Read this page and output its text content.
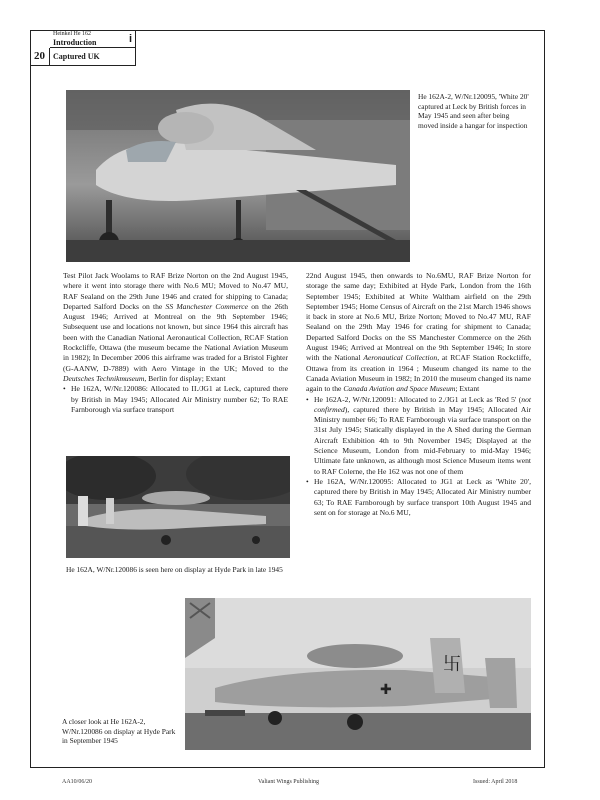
Heinkel He 162
Introduction	i
20	Captured UK
He 162A-2, W/Nr.120095, 'White 20' captured at Leck by British forces in May 1945 and seen after being moved inside a hangar for inspection

Test Pilot Jack Woolams to RAF Brize Norton on the 2nd August 1945, where it went into storage there with No.6 MU; Moved to No.47 MU, RAF Sealand on the 29th June 1946 and crated for shipping to Canada; Departed Salford Docks on the SS Manchester Commerce on the 26th August 1946; Arrived at Montreal on the 9th September 1946; Subsequent use and locations not known, but since 1964 this aircraft has been with the Canadian National Aeronautical Collection, RCAF Station Rockcliffe, Ottawa (the museum became the National Aviation Museum in 1982); In December 2006 this airframe was traded for a Bristol Fighter (G-AANW, D-7889) with Aero Vintage in the UK; Moved to the Deutsches Technikmuseum, Berlin for display; Extant

• He 162A, W/Nr.120086: Allocated to II./JG1 at Leck, captured there by British in May 1945; Allocated Air Ministry number 62; To RAE Farnborough via surface transport

22nd August 1945, then onwards to No.6MU, RAF Brize Norton for storage the same day; Exhibited at Hyde Park, London from the 16th September 1945; Exhibited at White Waltham airfield on the 29th September 1945; Home Census of Aircraft on the 21st March 1946 shows it back in store at No.6 MU, Brize Norton; Moved to No.47 MU, RAF Sealand on the 29th May 1946 for crating for shipment to Canada; Departed Salford Docks on the SS Manchester Commerce on the 26th August 1946; Arrived at Montreal on the 9th September 1946; In store with the National Aeronautical Collection, at RCAF Station Rockcliffe, Ottawa from its creation in 1964 ; Museum changed its name to the Canada Aviation Museum in 1982; In 2010 the museum changed its name again to the Canada Aviation and Space Museum; Extant

• He 162A-2, W/Nr.120091: Allocated to 2./JG1 at Leck as 'Red 5' (not confirmed), captured there by British in May 1945; Allocated Air Ministry number 66; To RAE Farnborough via surface transport on the 31st July 1945; Statically displayed in the A Shed during the German Aircraft Exhibition 4th to 9th November 1945; Displayed at the Science Museum, London from mid-February to mid-May 1946; Ultimate fate unknown, as although most Science Museum items went to RAF Colerne, the He 162 was not one of them

• He 162A, W/Nr.120095: Allocated to JG1 at Leck as 'White 20', captured there by British in May 1945; Allocated Air Ministry number 63; To RAE Farnborough by surface transport 10th August 1945 and sent on for storage at No.6 MU,

He 162A, W/Nr.120086 is seen here on display at Hyde Park in late 1945
卐
✚
A closer look at He 162A-2, W/Nr.120086 on display at Hyde Park in September 1945
AA10/06/20	Valiant Wings Publishing	Issued: April 2018
